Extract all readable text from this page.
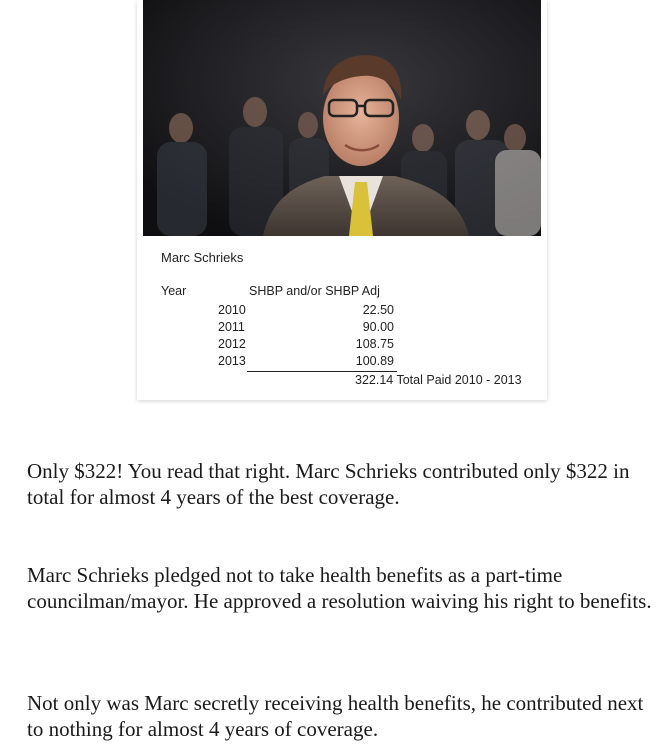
Marc Schrieks
Year	SHBP and/or SHBP Adj
2010	22.50
2011	90.00
2012	108.75
2013	100.89
322.14 Total Paid 2010 - 2013

Only $322! You read that right. Marc Schrieks contributed only $322 in total for almost 4 years of the best coverage.

Marc Schrieks pledged not to take health benefits as a part-time councilman/mayor. He approved a resolution waiving his right to benefits.

Not only was Marc secretly receiving health benefits, he contributed next to nothing for almost 4 years of coverage.
